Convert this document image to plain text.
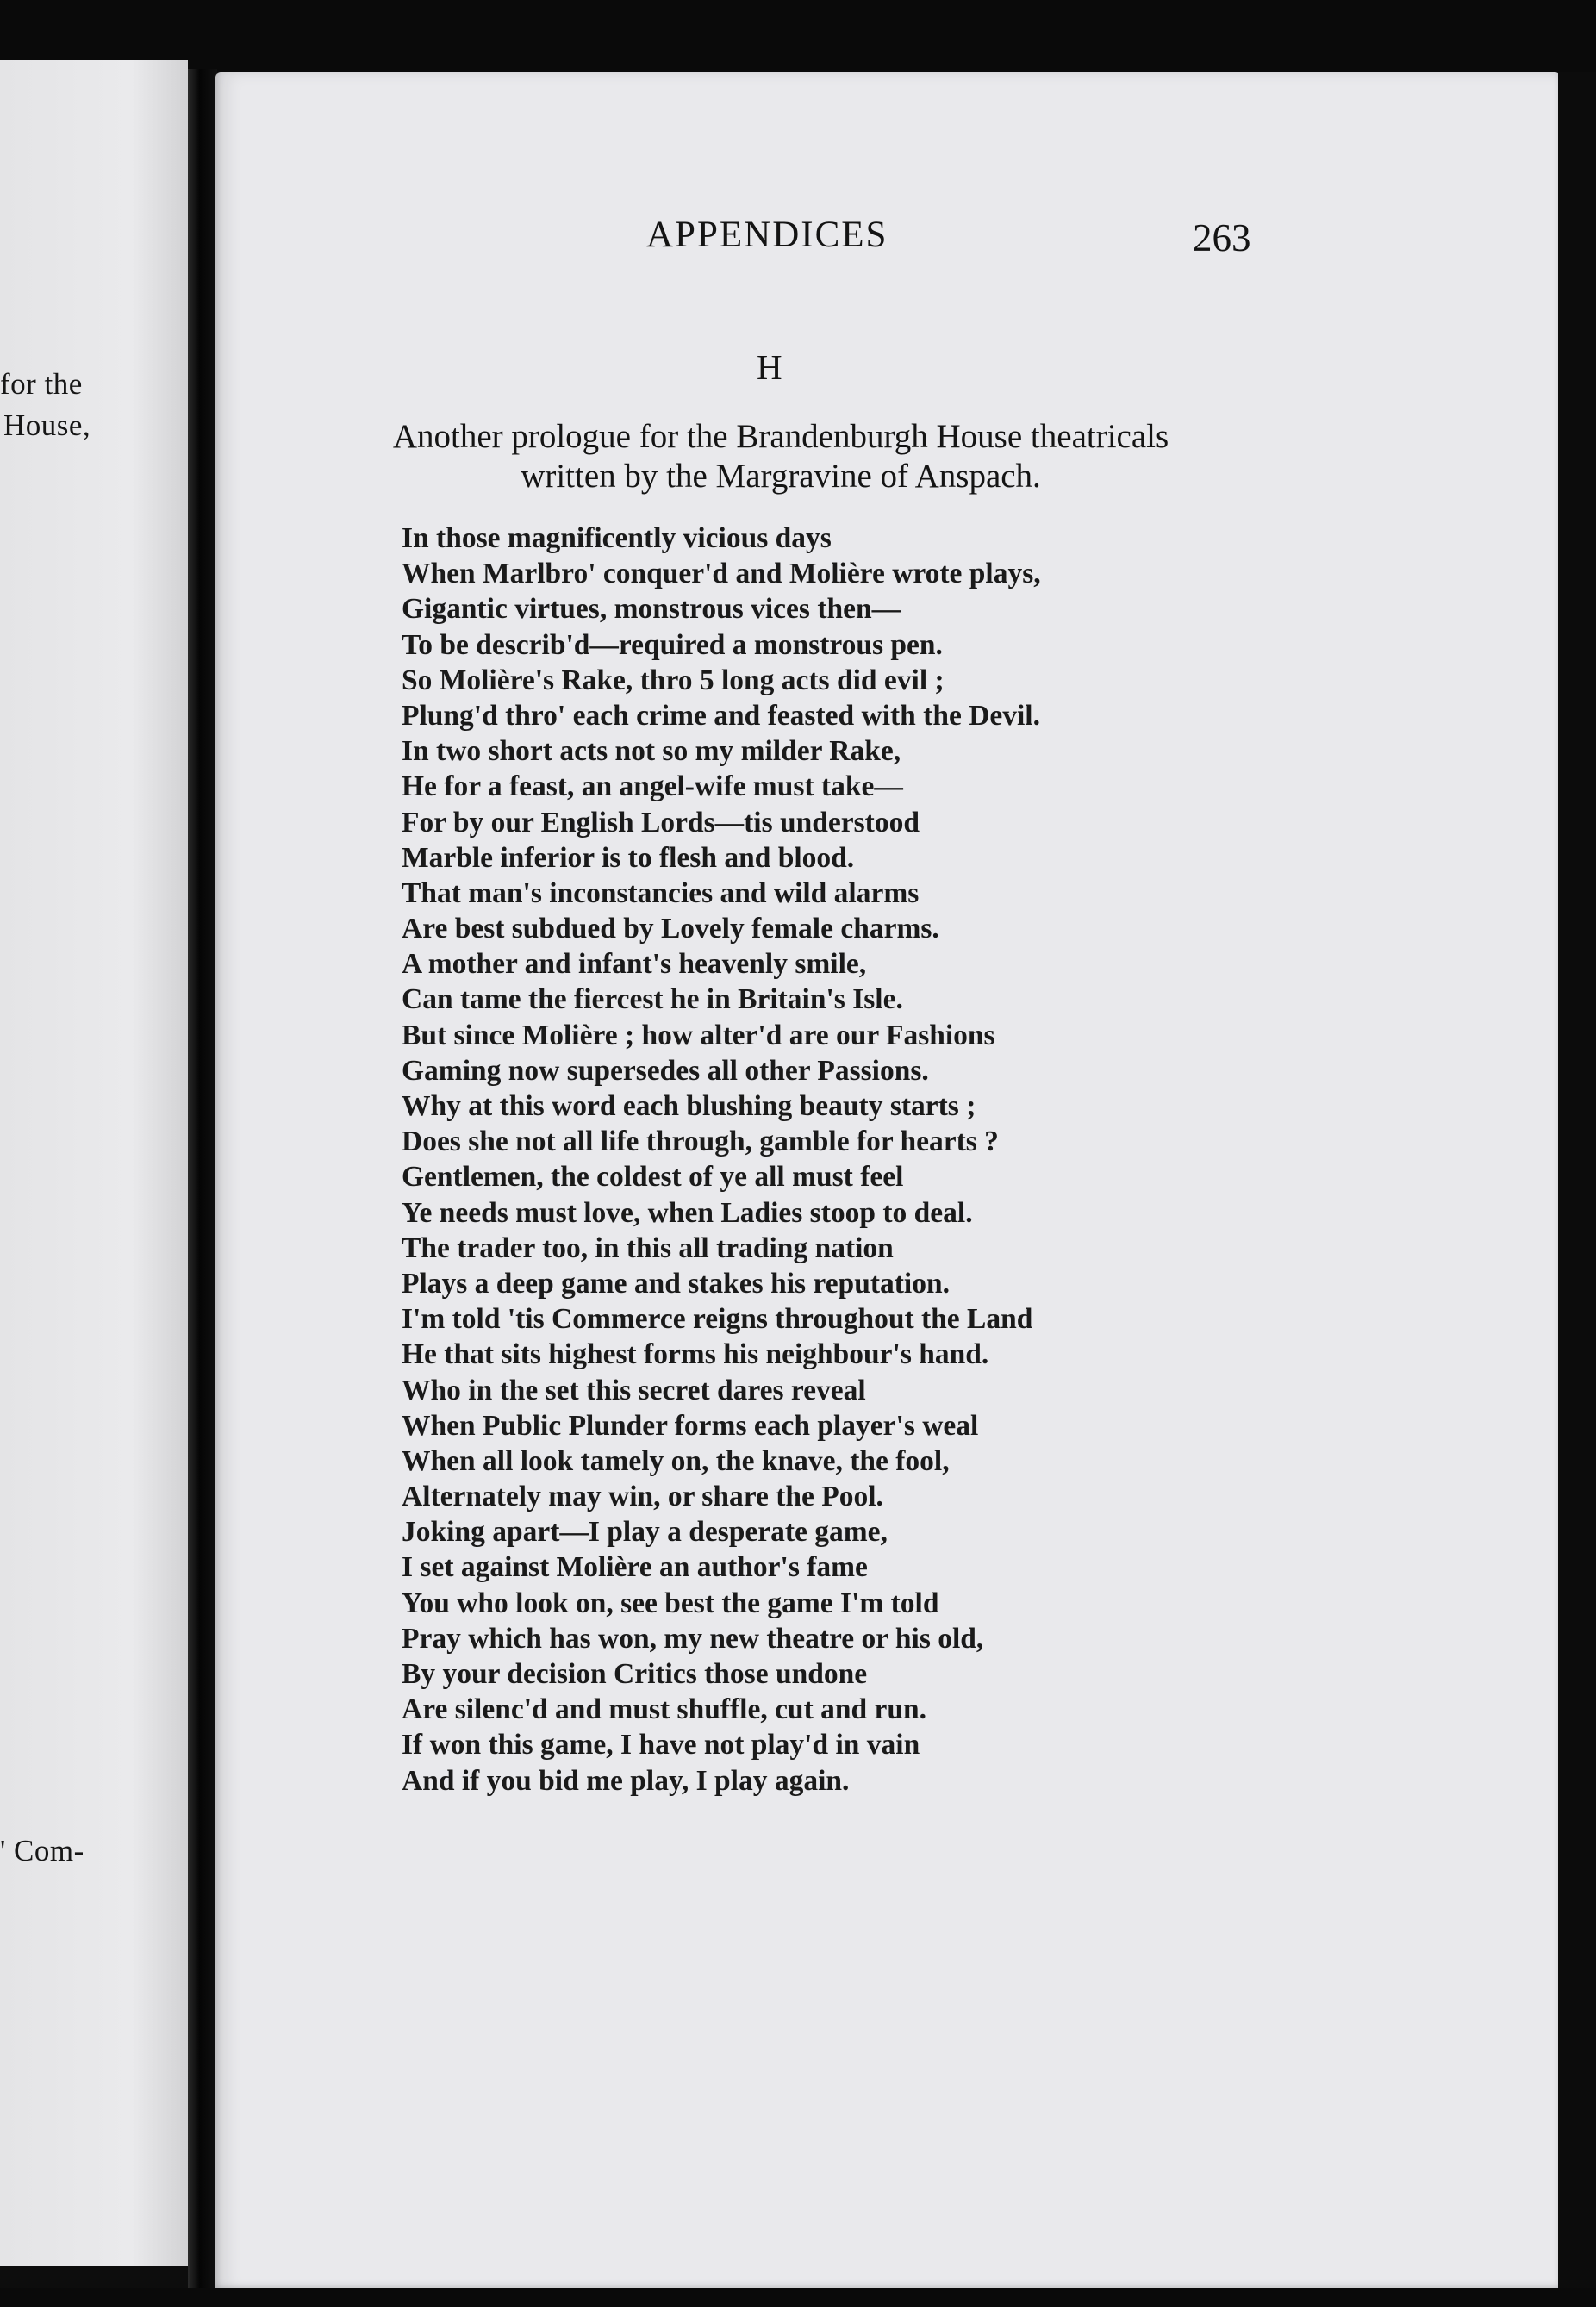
for the
House,
' Com-
APPENDICES	263
H
Another prologue for the Brandenburgh House theatricals
written by the Margravine of Anspach.
In those magnificently vicious days
When Marlbro' conquer'd and Molière wrote plays,
Gigantic virtues, monstrous vices then—
To be describ'd—required a monstrous pen.
So Molière's Rake, thro 5 long acts did evil ;
Plung'd thro' each crime and feasted with the Devil.
In two short acts not so my milder Rake,
He for a feast, an angel-wife must take—
For by our English Lords—tis understood
Marble inferior is to flesh and blood.
That man's inconstancies and wild alarms
Are best subdued by Lovely female charms.
A mother and infant's heavenly smile,
Can tame the fiercest he in Britain's Isle.
But since Molière ; how alter'd are our Fashions
Gaming now supersedes all other Passions.
Why at this word each blushing beauty starts ;
Does she not all life through, gamble for hearts ?
Gentlemen, the coldest of ye all must feel
Ye needs must love, when Ladies stoop to deal.
The trader too, in this all trading nation
Plays a deep game and stakes his reputation.
I'm told 'tis Commerce reigns throughout the Land
He that sits highest forms his neighbour's hand.
Who in the set this secret dares reveal
When Public Plunder forms each player's weal
When all look tamely on, the knave, the fool,
Alternately may win, or share the Pool.
Joking apart—I play a desperate game,
I set against Molière an author's fame
You who look on, see best the game I'm told
Pray which has won, my new theatre or his old,
By your decision Critics those undone
Are silenc'd and must shuffle, cut and run.
If won this game, I have not play'd in vain
And if you bid me play, I play again.
